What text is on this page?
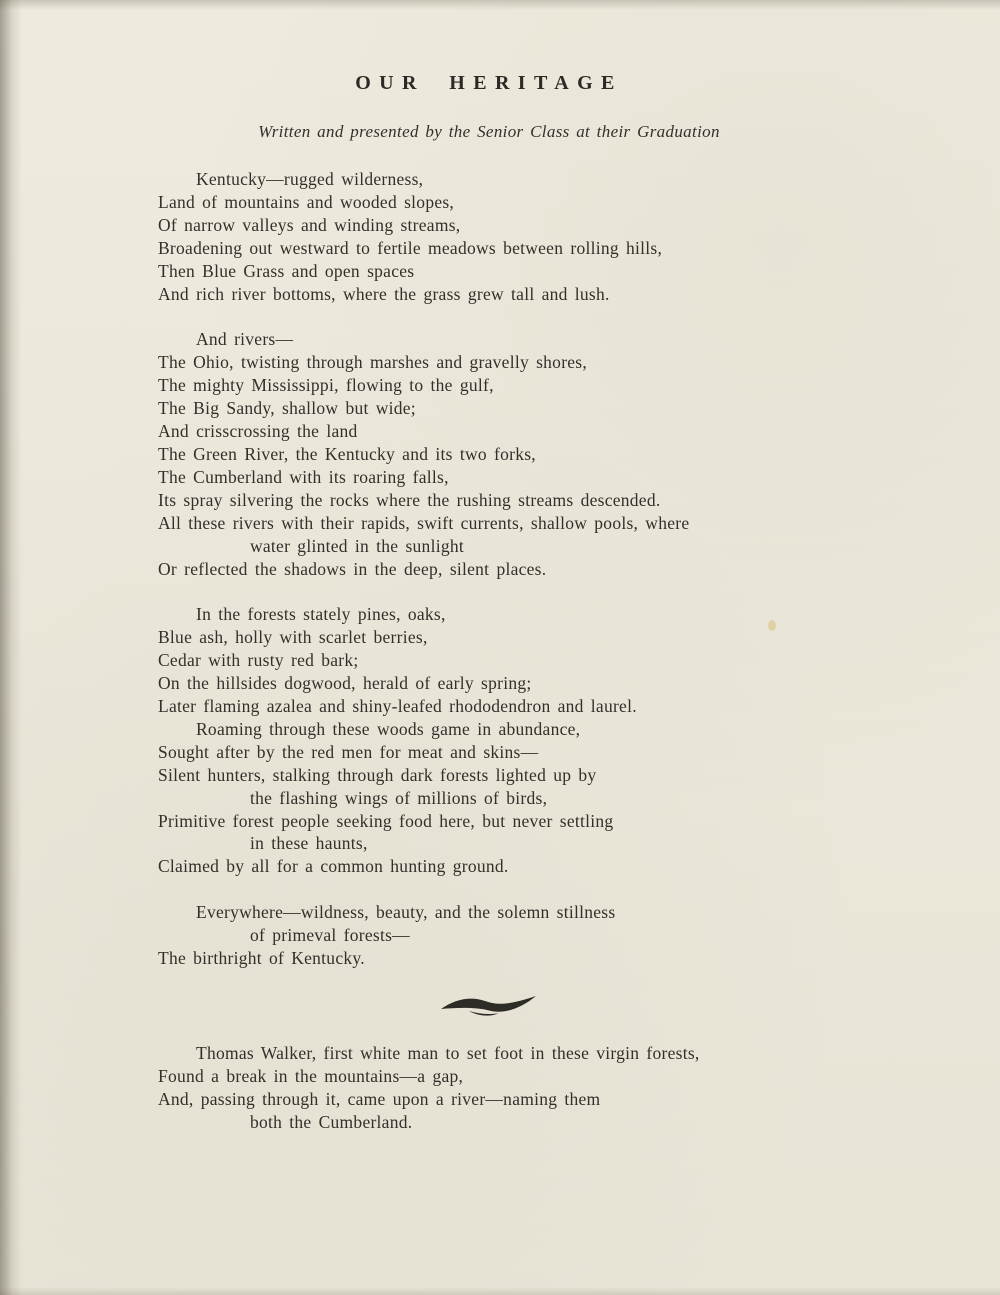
OUR HERITAGE
Written and presented by the Senior Class at their Graduation
Kentucky—rugged wilderness,
Land of mountains and wooded slopes,
Of narrow valleys and winding streams,
Broadening out westward to fertile meadows between rolling hills,
Then Blue Grass and open spaces
And rich river bottoms, where the grass grew tall and lush.
And rivers—
The Ohio, twisting through marshes and gravelly shores,
The mighty Mississippi, flowing to the gulf,
The Big Sandy, shallow but wide;
And crisscrossing the land
The Green River, the Kentucky and its two forks,
The Cumberland with its roaring falls,
Its spray silvering the rocks where the rushing streams descended.
All these rivers with their rapids, swift currents, shallow pools, where
water glinted in the sunlight
Or reflected the shadows in the deep, silent places.
In the forests stately pines, oaks,
Blue ash, holly with scarlet berries,
Cedar with rusty red bark;
On the hillsides dogwood, herald of early spring;
Later flaming azalea and shiny-leafed rhododendron and laurel.
Roaming through these woods game in abundance,
Sought after by the red men for meat and skins—
Silent hunters, stalking through dark forests lighted up by
the flashing wings of millions of birds,
Primitive forest people seeking food here, but never settling
in these haunts,
Claimed by all for a common hunting ground.
Everywhere—wildness, beauty, and the solemn stillness
of primeval forests—
The birthright of Kentucky.
Thomas Walker, first white man to set foot in these virgin forests,
Found a break in the mountains—a gap,
And, passing through it, came upon a river—naming them
both the Cumberland.
